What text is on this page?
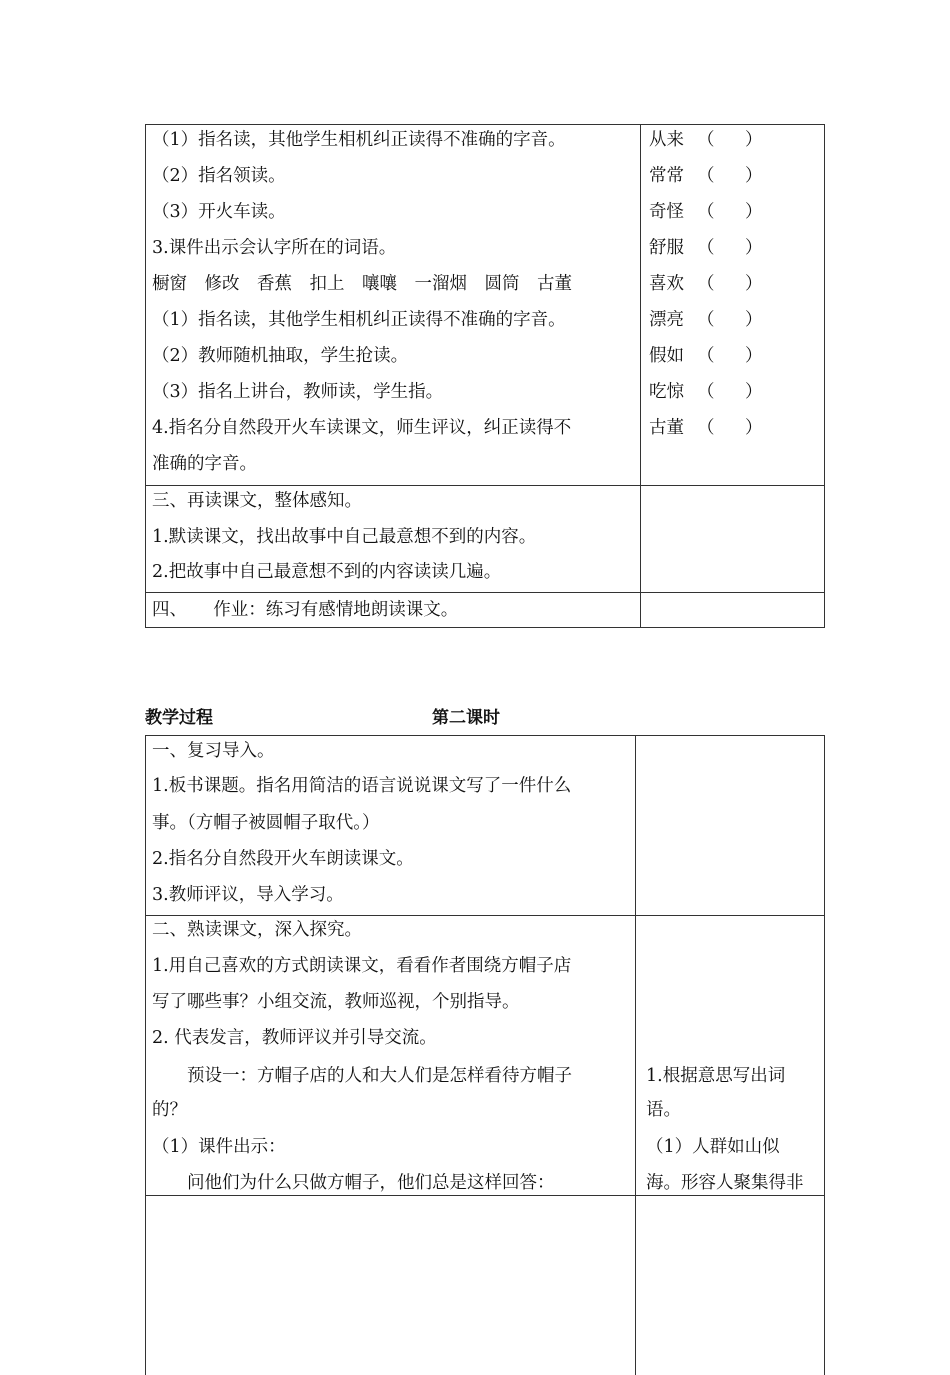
（1）指名读，其他学生相机纠正读得不准确的字音。
（2）指名领读。
（3）开火车读。
3.课件出示会认字所在的词语。
橱窗　修改　香蕉　扣上　嚷嚷　一溜烟　圆筒　古董
（1）指名读，其他学生相机纠正读得不准确的字音。
（2）教师随机抽取，学生抢读。
（3）指名上讲台，教师读，学生指。
4.指名分自然段开火车读课文，师生评议，纠正读得不
准确的字音。
从来 （ ）
常常 （ ）
奇怪 （ ）
舒服 （ ）
喜欢 （ ）
漂亮 （ ）
假如 （ ）
吃惊 （ ）
古董 （ ）
三、再读课文，整体感知。
1.默读课文，找出故事中自己最意想不到的内容。
2.把故事中自己最意想不到的内容读读几遍。
四、　　作业：练习有感情地朗读课文。
教学过程	第二课时
一、复习导入。
1.板书课题。指名用简洁的语言说说课文写了一件什么
事。（方帽子被圆帽子取代。）
2.指名分自然段开火车朗读课文。
3.教师评议，导入学习。
二、熟读课文，深入探究。
1.用自己喜欢的方式朗读课文，看看作者围绕方帽子店
写了哪些事？小组交流，教师巡视，个别指导。
2. 代表发言，教师评议并引导交流。
　　预设一：方帽子店的人和大人们是怎样看待方帽子
的？
（1）课件出示：
　　问他们为什么只做方帽子，他们总是这样回答：
1.根据意思写出词
语。
（1）人群如山似
海。形容人聚集得非
